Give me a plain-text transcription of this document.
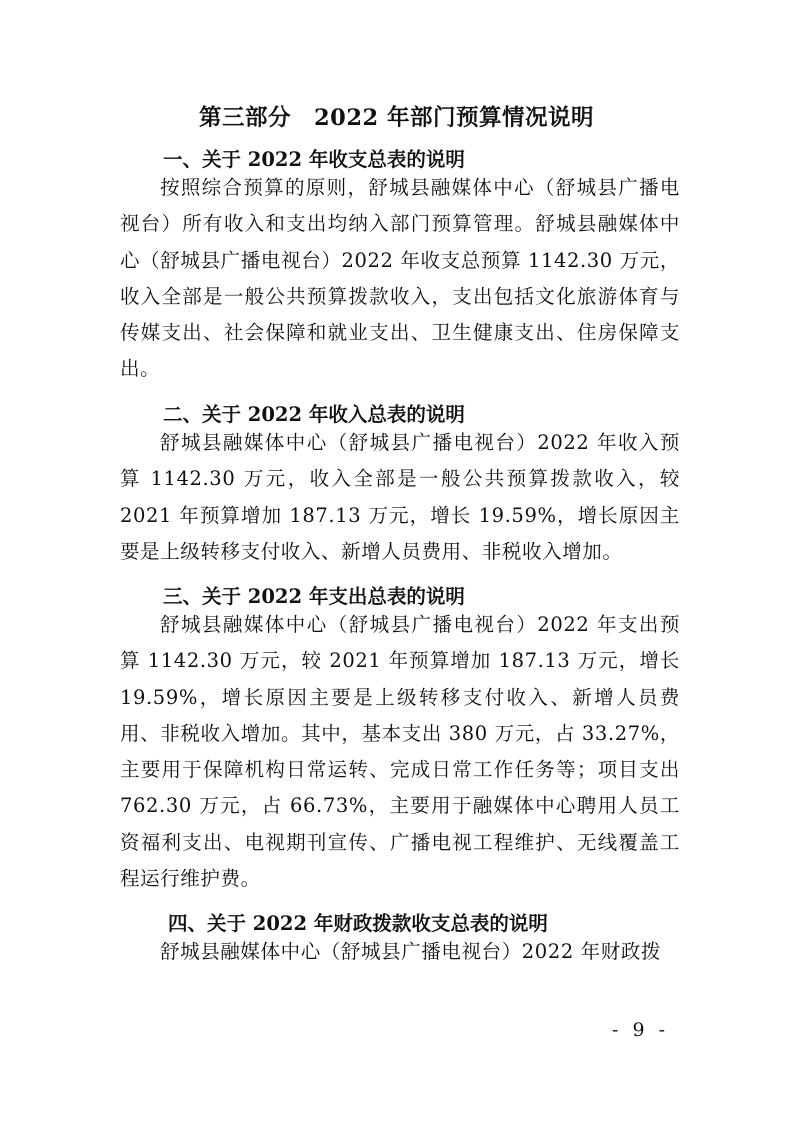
第三部分　2022 年部门预算情况说明
一、关于 2022 年收支总表的说明
按照综合预算的原则，舒城县融媒体中心（舒城县广播电视台）所有收入和支出均纳入部门预算管理。舒城县融媒体中心（舒城县广播电视台）2022 年收支总预算 1142.30 万元，收入全部是一般公共预算拨款收入，支出包括文化旅游体育与传媒支出、社会保障和就业支出、卫生健康支出、住房保障支出。
二、关于 2022 年收入总表的说明
舒城县融媒体中心（舒城县广播电视台）2022 年收入预算 1142.30 万元，收入全部是一般公共预算拨款收入，较 2021 年预算增加 187.13 万元，增长 19.59%，增长原因主要是上级转移支付收入、新增人员费用、非税收入增加。
三、关于 2022 年支出总表的说明
舒城县融媒体中心（舒城县广播电视台）2022 年支出预算 1142.30 万元，较 2021 年预算增加 187.13 万元，增长 19.59%，增长原因主要是上级转移支付收入、新增人员费用、非税收入增加。其中，基本支出 380 万元，占 33.27%，主要用于保障机构日常运转、完成日常工作任务等；项目支出 762.30 万元，占 66.73%，主要用于融媒体中心聘用人员工资福利支出、电视期刊宣传、广播电视工程维护、无线覆盖工程运行维护费。
四、关于 2022 年财政拨款收支总表的说明
舒城县融媒体中心（舒城县广播电视台）2022 年财政拨
- 9 -
